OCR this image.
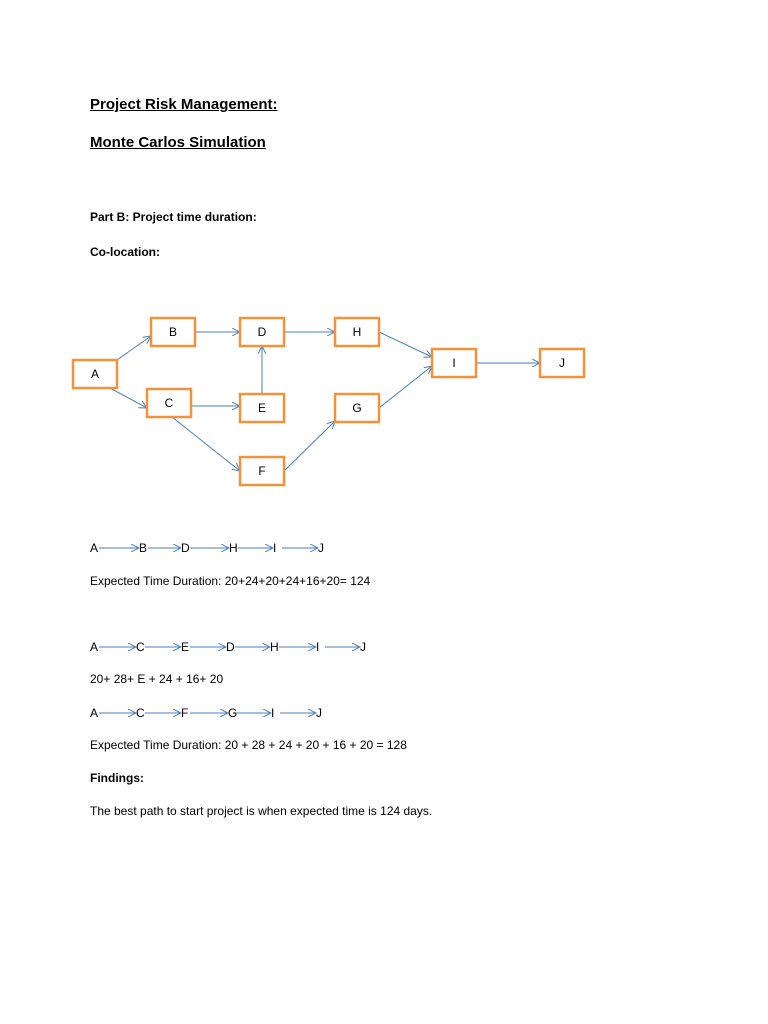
Project Risk Management:
Monte Carlos Simulation
Part B: Project time duration:
Co-location:
A
B
C
D
E
F
G
H
I	J
A	B	D	H	I	J
Expected Time Duration: 20+24+20+24+16+20= 124
A	C	E	D	H	I	J
20+ 28+ E + 24 + 16+ 20
A	C	F	G	I	J
Expected Time Duration: 20 + 28 + 24 + 20 + 16 + 20 = 128
Findings:
The best path to start project is when expected time is 124 days.
